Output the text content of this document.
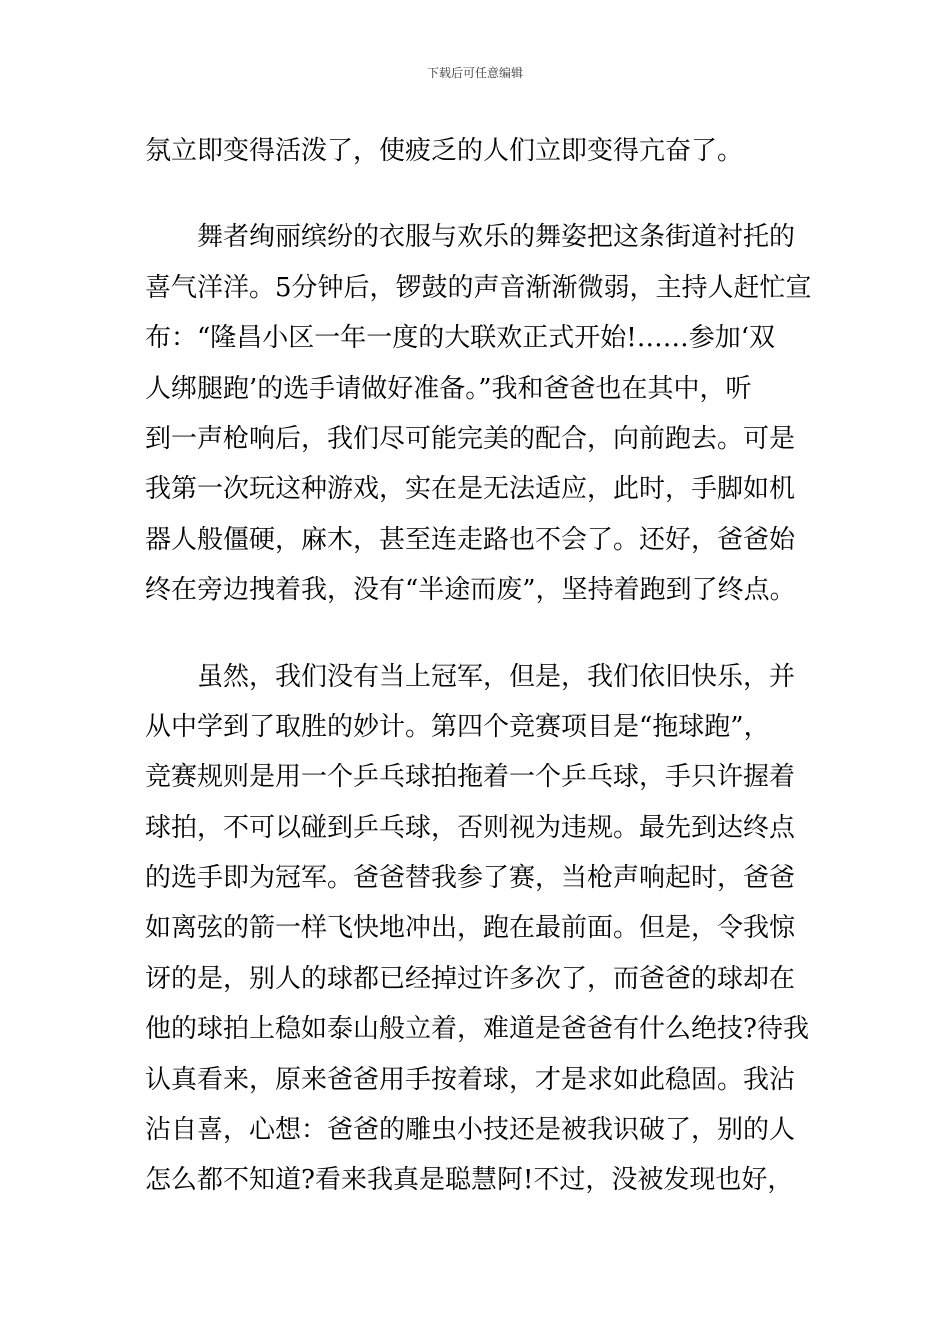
下载后可任意编辑
氛立即变得活泼了，使疲乏的人们立即变得亢奋了。
舞者绚丽缤纷的衣服与欢乐的舞姿把这条街道衬托的
喜气洋洋。5分钟后，锣鼓的声音渐渐微弱，主持人赶忙宣
布：“隆昌小区一年一度的大联欢正式开始!……参加‘双
人绑腿跑’的选手请做好准备。”我和爸爸也在其中，听
到一声枪响后，我们尽可能完美的配合，向前跑去。可是
我第一次玩这种游戏，实在是无法适应，此时，手脚如机
器人般僵硬，麻木，甚至连走路也不会了。还好，爸爸始
终在旁边拽着我，没有“半途而废”，坚持着跑到了终点。
虽然，我们没有当上冠军，但是，我们依旧快乐，并
从中学到了取胜的妙计。第四个竞赛项目是“拖球跑”，
竞赛规则是用一个乒乓球拍拖着一个乒乓球，手只许握着
球拍，不可以碰到乒乓球，否则视为违规。最先到达终点
的选手即为冠军。爸爸替我参了赛，当枪声响起时，爸爸
如离弦的箭一样飞快地冲出，跑在最前面。但是，令我惊
讶的是，别人的球都已经掉过许多次了，而爸爸的球却在
他的球拍上稳如泰山般立着，难道是爸爸有什么绝技?待我
认真看来，原来爸爸用手按着球，才是求如此稳固。我沾
沾自喜，心想：爸爸的雕虫小技还是被我识破了，别的人
怎么都不知道?看来我真是聪慧阿!不过，没被发现也好，
